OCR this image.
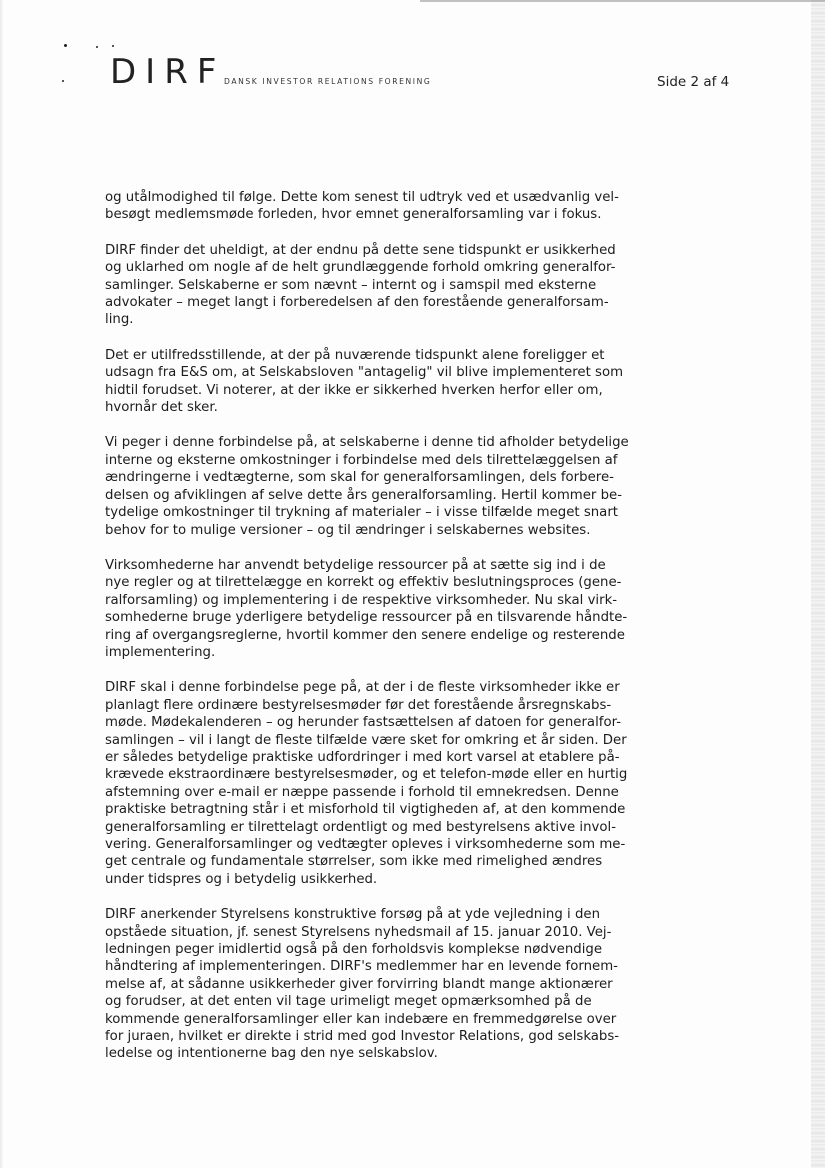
DIRF
DANSK INVESTOR RELATIONS FORENING	Side 2 af 4

og utålmodighed til følge. Dette kom senest til udtryk ved et usædvanlig vel-
besøgt medlemsmøde forleden, hvor emnet generalforsamling var i fokus.

DIRF finder det uheldigt, at der endnu på dette sene tidspunkt er usikkerhed
og uklarhed om nogle af de helt grundlæggende forhold omkring generalfor-
samlinger. Selskaberne er som nævnt – internt og i samspil med eksterne
advokater – meget langt i forberedelsen af den forestående generalforsam-
ling.

Det er utilfredsstillende, at der på nuværende tidspunkt alene foreligger et
udsagn fra E&S om, at Selskabsloven "antagelig" vil blive implementeret som
hidtil forudset. Vi noterer, at der ikke er sikkerhed hverken herfor eller om,
hvornår det sker.

Vi peger i denne forbindelse på, at selskaberne i denne tid afholder betydelige
interne og eksterne omkostninger i forbindelse med dels tilrettelæggelsen af
ændringerne i vedtægterne, som skal for generalforsamlingen, dels forbere-
delsen og afviklingen af selve dette års generalforsamling. Hertil kommer be-
tydelige omkostninger til trykning af materialer – i visse tilfælde meget snart
behov for to mulige versioner – og til ændringer i selskabernes websites.

Virksomhederne har anvendt betydelige ressourcer på at sætte sig ind i de
nye regler og at tilrettelægge en korrekt og effektiv beslutningsproces (gene-
ralforsamling) og implementering i de respektive virksomheder. Nu skal virk-
somhederne bruge yderligere betydelige ressourcer på en tilsvarende håndte-
ring af overgangsreglerne, hvortil kommer den senere endelige og resterende
implementering.

DIRF skal i denne forbindelse pege på, at der i de fleste virksomheder ikke er
planlagt flere ordinære bestyrelsesmøder før det forestående årsregnskabs-
møde. Mødekalenderen – og herunder fastsættelsen af datoen for generalfor-
samlingen – vil i langt de fleste tilfælde være sket for omkring et år siden. Der
er således betydelige praktiske udfordringer i med kort varsel at etablere på-
krævede ekstraordinære bestyrelsesmøder, og et telefon-møde eller en hurtig
afstemning over e-mail er næppe passende i forhold til emnekredsen. Denne
praktiske betragtning står i et misforhold til vigtigheden af, at den kommende
generalforsamling er tilrettelagt ordentligt og med bestyrelsens aktive invol-
vering. Generalforsamlinger og vedtægter opleves i virksomhederne som me-
get centrale og fundamentale størrelser, som ikke med rimelighed ændres
under tidspres og i betydelig usikkerhed.

DIRF anerkender Styrelsens konstruktive forsøg på at yde vejledning i den
opståede situation, jf. senest Styrelsens nyhedsmail af 15. januar 2010. Vej-
ledningen peger imidlertid også på den forholdsvis komplekse nødvendige
håndtering af implementeringen. DIRF's medlemmer har en levende fornem-
melse af, at sådanne usikkerheder giver forvirring blandt mange aktionærer
og forudser, at det enten vil tage urimeligt meget opmærksomhed på de
kommende generalforsamlinger eller kan indebære en fremmedgørelse over
for juraen, hvilket er direkte i strid med god Investor Relations, god selskabs-
ledelse og intentionerne bag den nye selskabslov.
